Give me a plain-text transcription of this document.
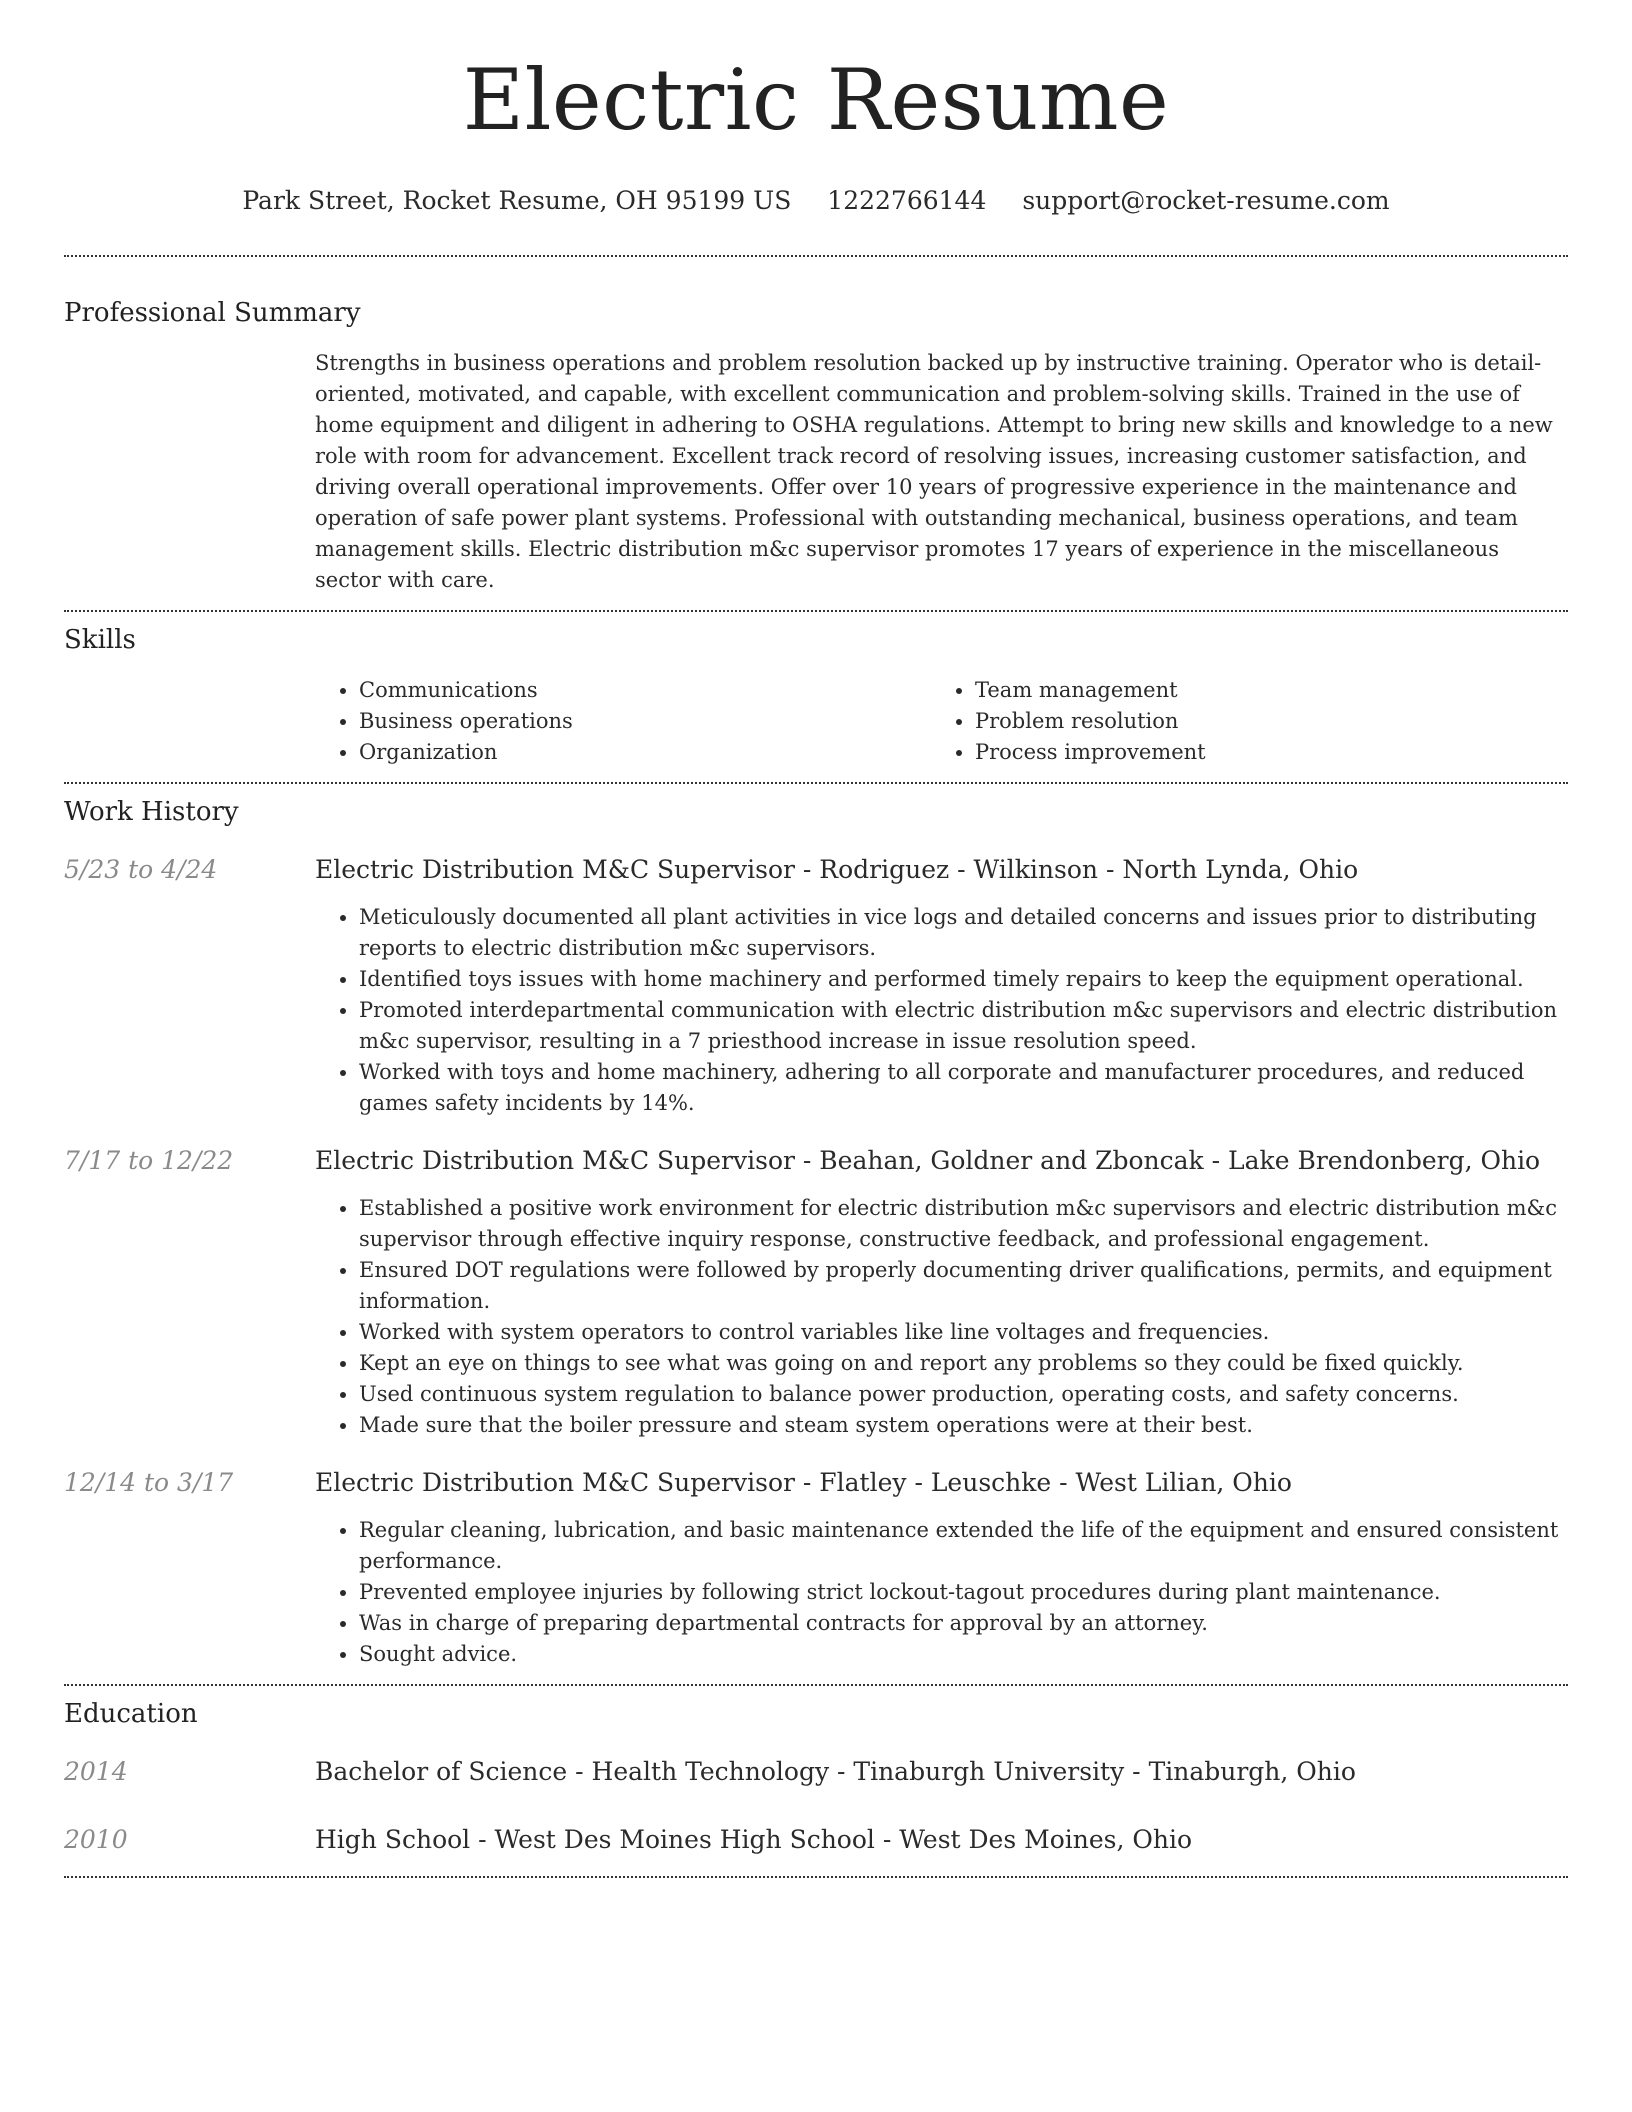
Electric Resume
Park Street, Rocket Resume, OH 95199 US 1222766144 support@rocket-resume.com
Professional Summary
Strengths in business operations and problem resolution backed up by instructive training. Operator who is detail-oriented, motivated, and capable, with excellent communication and problem-solving skills. Trained in the use of home equipment and diligent in adhering to OSHA regulations. Attempt to bring new skills and knowledge to a new role with room for advancement. Excellent track record of resolving issues, increasing customer satisfaction, and driving overall operational improvements. Offer over 10 years of progressive experience in the maintenance and operation of safe power plant systems. Professional with outstanding mechanical, business operations, and team management skills. Electric distribution m&c supervisor promotes 17 years of experience in the miscellaneous sector with care.
Skills
• Communications
• Business operations
• Organization
• Team management
• Problem resolution
• Process improvement
Work History
5/23 to 4/24	Electric Distribution M&C Supervisor - Rodriguez - Wilkinson - North Lynda, Ohio
• Meticulously documented all plant activities in vice logs and detailed concerns and issues prior to distributing reports to electric distribution m&c supervisors.
• Identified toys issues with home machinery and performed timely repairs to keep the equipment operational.
• Promoted interdepartmental communication with electric distribution m&c supervisors and electric distribution m&c supervisor, resulting in a 7 priesthood increase in issue resolution speed.
• Worked with toys and home machinery, adhering to all corporate and manufacturer procedures, and reduced games safety incidents by 14%.
7/17 to 12/22	Electric Distribution M&C Supervisor - Beahan, Goldner and Zboncak - Lake Brendonberg, Ohio
• Established a positive work environment for electric distribution m&c supervisors and electric distribution m&c supervisor through effective inquiry response, constructive feedback, and professional engagement.
• Ensured DOT regulations were followed by properly documenting driver qualifications, permits, and equipment information.
• Worked with system operators to control variables like line voltages and frequencies.
• Kept an eye on things to see what was going on and report any problems so they could be fixed quickly.
• Used continuous system regulation to balance power production, operating costs, and safety concerns.
• Made sure that the boiler pressure and steam system operations were at their best.
12/14 to 3/17	Electric Distribution M&C Supervisor - Flatley - Leuschke - West Lilian, Ohio
• Regular cleaning, lubrication, and basic maintenance extended the life of the equipment and ensured consistent performance.
• Prevented employee injuries by following strict lockout-tagout procedures during plant maintenance.
• Was in charge of preparing departmental contracts for approval by an attorney.
• Sought advice.
Education
2014	Bachelor of Science - Health Technology - Tinaburgh University - Tinaburgh, Ohio
2010	High School - West Des Moines High School - West Des Moines, Ohio
